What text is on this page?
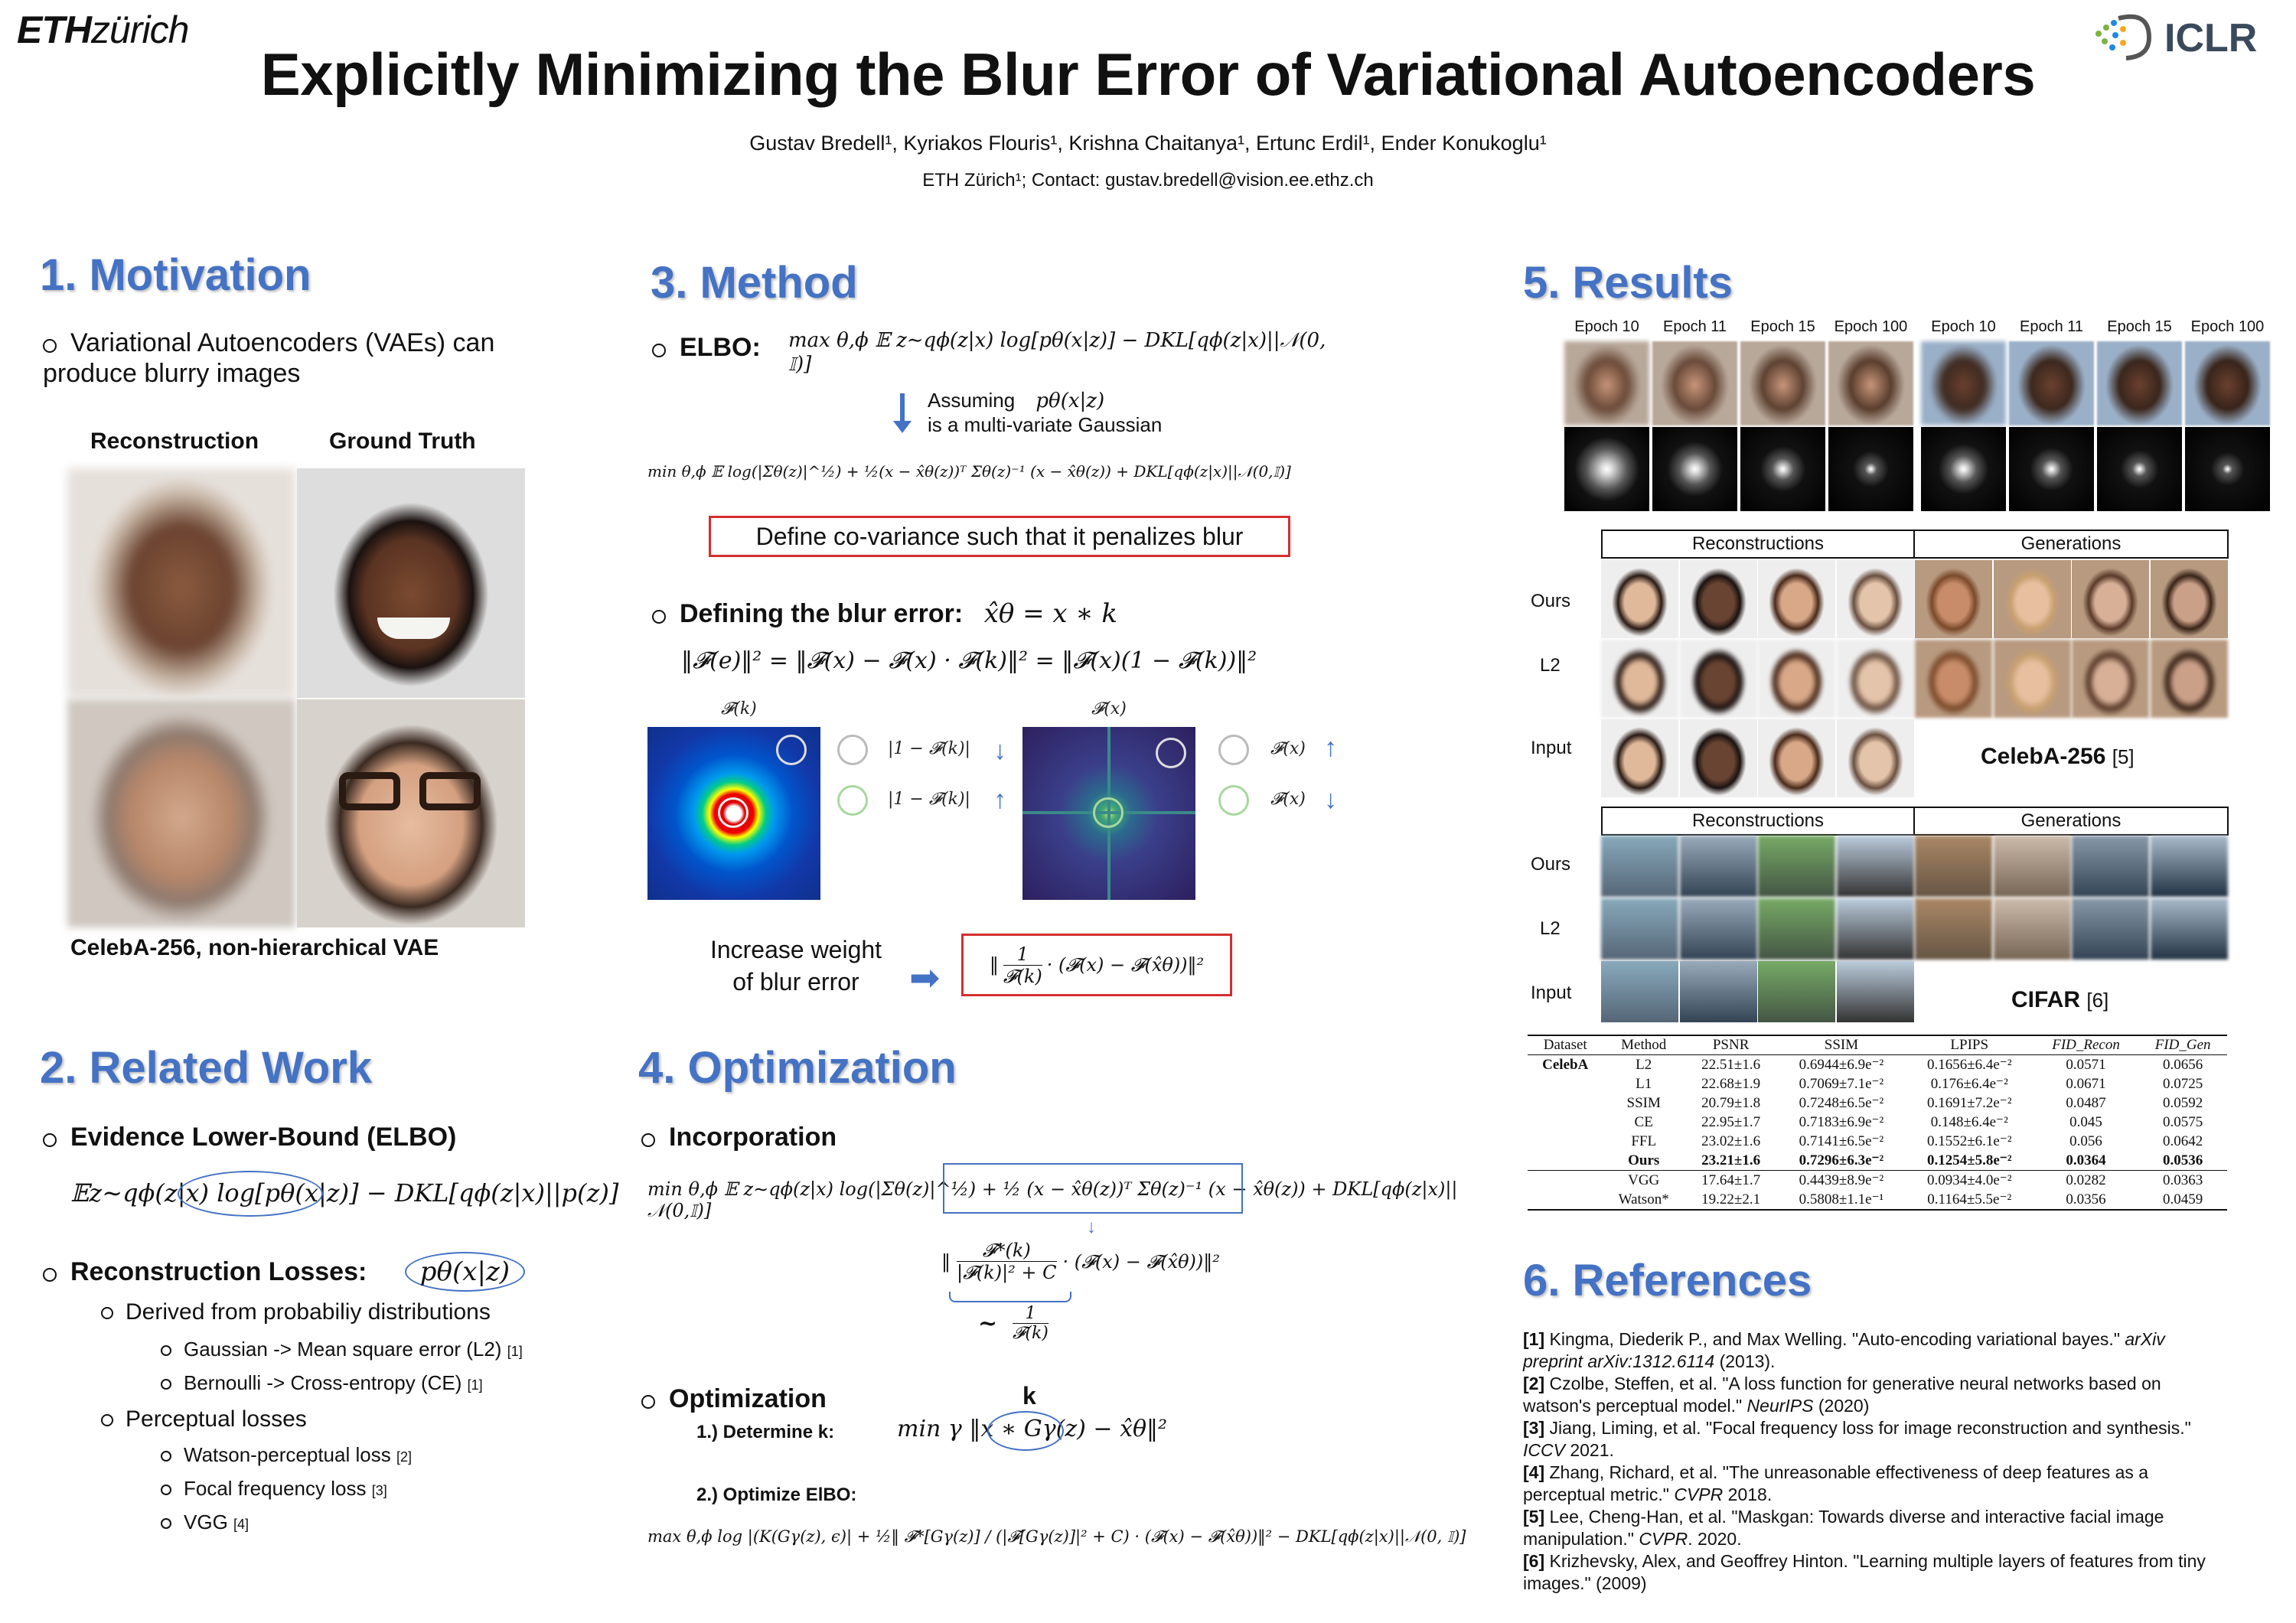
ETHzürich	ICLR
Explicitly Minimizing the Blur Error of Variational Autoencoders
Gustav Bredell¹, Kyriakos Flouris¹, Krishna Chaitanya¹, Ertunc Erdil¹, Ender Konukoglu¹
ETH Zürich¹; Contact: gustav.bredell@vision.ee.ethz.ch
1. Motivation
Variational Autoencoders (VAEs) can produce blurry images
Reconstruction	Ground Truth
CelebA-256, non-hierarchical VAE
2. Related Work
Evidence Lower-Bound (ELBO)
𝔼z∼qϕ(z|x) log[pθ(x|z)] − DKL[qϕ(z|x)||p(z)]
Reconstruction Losses: pθ(x|z)
Derived from probabiliy distributions
Gaussian -> Mean square error (L2) [1]
Bernoulli -> Cross-entropy (CE) [1]
Perceptual losses
Watson-perceptual loss [2]
Focal frequency loss [3]
VGG [4]
3. Method
ELBO: max θ,ϕ 𝔼 z∼qϕ(z|x) log[pθ(x|z)] − DKL[qϕ(z|x)||𝒩(0, 𝕀)]
Assuming pθ(x|z)
is a multi-variate Gaussian
min θ,ϕ 𝔼 log(|Σθ(z)|^½) + ½(x − x̂θ(z))ᵀ Σθ(z)⁻¹ (x − x̂θ(z)) + DKL[qϕ(z|x)||𝒩(0,𝕀)]
Define co-variance such that it penalizes blur
Defining the blur error: x̂θ = x ∗ k
‖𝓕(e)‖² = ‖𝓕(x) − 𝓕(x) · 𝓕(k)‖² = ‖𝓕(x)(1 − 𝓕(k))‖²
𝓕(k)
|1 − 𝓕(k)| ↓
|1 − 𝓕(k)| ↑
𝓕(x)
𝓕(x) ↑
𝓕(x) ↓
Increase weight
of blur error	➡	‖
1
𝓕(k)
· (𝓕(x) − 𝓕(x̂θ))‖²
4. Optimization
Incorporation
min θ,ϕ 𝔼 z∼qϕ(z|x) log(|Σθ(z)|^½) + ½ (x − x̂θ(z))ᵀ Σθ(z)⁻¹ (x − x̂θ(z)) + DKL[qϕ(z|x)||𝒩(0,𝕀)]
↓
‖
𝓕*(k)
|𝓕(k)|² + C
· (𝓕(x) − 𝓕(x̂θ))‖²
~ 1
𝓕(k)
Optimization	k
1.) Determine k:	min γ ‖x ∗ Gγ(z) − x̂θ‖²
2.) Optimize ElBO:
max θ,ϕ log |(K(Gγ(z), ϵ)| + ½‖ 𝓕*[Gγ(z)] / (|𝓕[Gγ(z)]|² + C) · (𝓕(x) − 𝓕(x̂θ))‖² − DKL[qϕ(z|x)||𝒩(0, 𝕀)]
5. Results
Epoch 10	Epoch 11	Epoch 15	Epoch 100	Epoch 10	Epoch 11	Epoch 15	Epoch 100
Reconstructions	Generations
Ours
L2
Input	CelebA-256 [5]
Reconstructions	Generations
Ours
L2
Input	CIFAR [6]
Dataset	Method	PSNR	SSIM	LPIPS	FID_Recon	FID_Gen
CelebA	L2	22.51±1.6	0.6944±6.9e⁻²	0.1656±6.4e⁻²	0.0571	0.0656
	L1	22.68±1.9	0.7069±7.1e⁻²	0.176±6.4e⁻²	0.0671	0.0725
	SSIM	20.79±1.8	0.7248±6.5e⁻²	0.1691±7.2e⁻²	0.0487	0.0592
	CE	22.95±1.7	0.7183±6.9e⁻²	0.148±6.4e⁻²	0.045	0.0575
	FFL	23.02±1.6	0.7141±6.5e⁻²	0.1552±6.1e⁻²	0.056	0.0642
	Ours	23.21±1.6	0.7296±6.3e⁻²	0.1254±5.8e⁻²	0.0364	0.0536
	VGG	17.64±1.7	0.4439±8.9e⁻²	0.0934±4.0e⁻²	0.0282	0.0363
	Watson*	19.22±2.1	0.5808±1.1e⁻¹	0.1164±5.5e⁻²	0.0356	0.0459
6. References
[1] Kingma, Diederik P., and Max Welling. "Auto-encoding variational bayes." arXiv preprint arXiv:1312.6114 (2013).
[2] Czolbe, Steffen, et al. "A loss function for generative neural networks based on watson's perceptual model." NeurIPS (2020)
[3] Jiang, Liming, et al. "Focal frequency loss for image reconstruction and synthesis." ICCV 2021.
[4] Zhang, Richard, et al. "The unreasonable effectiveness of deep features as a perceptual metric." CVPR 2018.
[5] Lee, Cheng-Han, et al. "Maskgan: Towards diverse and interactive facial image manipulation." CVPR. 2020.
[6] Krizhevsky, Alex, and Geoffrey Hinton. "Learning multiple layers of features from tiny images." (2009)
